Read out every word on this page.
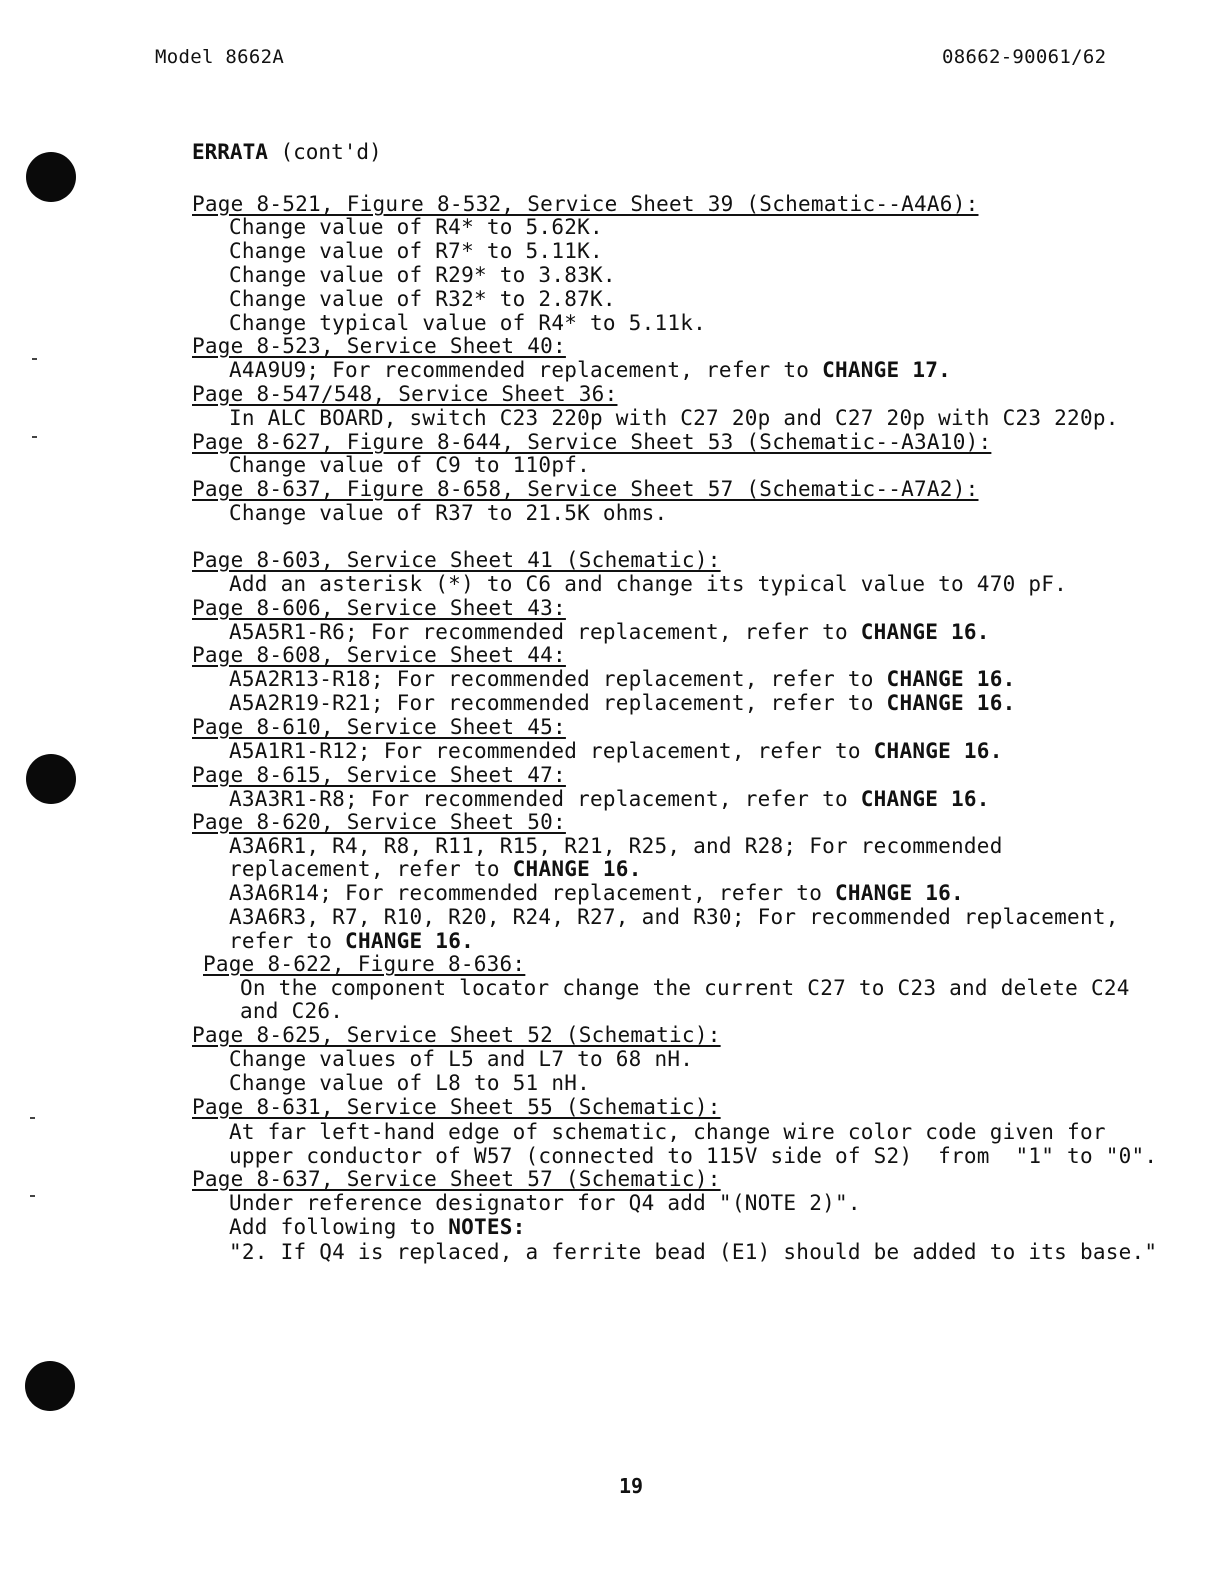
Model 8662A	08662-90061/62
ERRATA (cont'd)
Page 8-521, Figure 8-532, Service Sheet 39 (Schematic--A4A6):
Change value of R4* to 5.62K.
Change value of R7* to 5.11K.
Change value of R29* to 3.83K.
Change value of R32* to 2.87K.
Change typical value of R4* to 5.11k.
Page 8-523, Service Sheet 40:
A4A9U9; For recommended replacement, refer to CHANGE 17.
Page 8-547/548, Service Sheet 36:
In ALC BOARD, switch C23 220p with C27 20p and C27 20p with C23 220p.
Page 8-627, Figure 8-644, Service Sheet 53 (Schematic--A3A10):
Change value of C9 to 110pf.
Page 8-637, Figure 8-658, Service Sheet 57 (Schematic--A7A2):
Change value of R37 to 21.5K ohms.
Page 8-603, Service Sheet 41 (Schematic):
Add an asterisk (*) to C6 and change its typical value to 470 pF.
Page 8-606, Service Sheet 43:
A5A5R1-R6; For recommended replacement, refer to CHANGE 16.
Page 8-608, Service Sheet 44:
A5A2R13-R18; For recommended replacement, refer to CHANGE 16.
A5A2R19-R21; For recommended replacement, refer to CHANGE 16.
Page 8-610, Service Sheet 45:
A5A1R1-R12; For recommended replacement, refer to CHANGE 16.
Page 8-615, Service Sheet 47:
A3A3R1-R8; For recommended replacement, refer to CHANGE 16.
Page 8-620, Service Sheet 50:
A3A6R1, R4, R8, R11, R15, R21, R25, and R28; For recommended
replacement, refer to CHANGE 16.
A3A6R14; For recommended replacement, refer to CHANGE 16.
A3A6R3, R7, R10, R20, R24, R27, and R30; For recommended replacement,
refer to CHANGE 16.
Page 8-622, Figure 8-636:
On the component locator change the current C27 to C23 and delete C24
and C26.
Page 8-625, Service Sheet 52 (Schematic):
Change values of L5 and L7 to 68 nH.
Change value of L8 to 51 nH.
Page 8-631, Service Sheet 55 (Schematic):
At far left-hand edge of schematic, change wire color code given for
upper conductor of W57 (connected to 115V side of S2)  from  "1" to "0".
Page 8-637, Service Sheet 57 (Schematic):
Under reference designator for Q4 add "(NOTE 2)".
Add following to NOTES:
"2. If Q4 is replaced, a ferrite bead (E1) should be added to its base."
19
